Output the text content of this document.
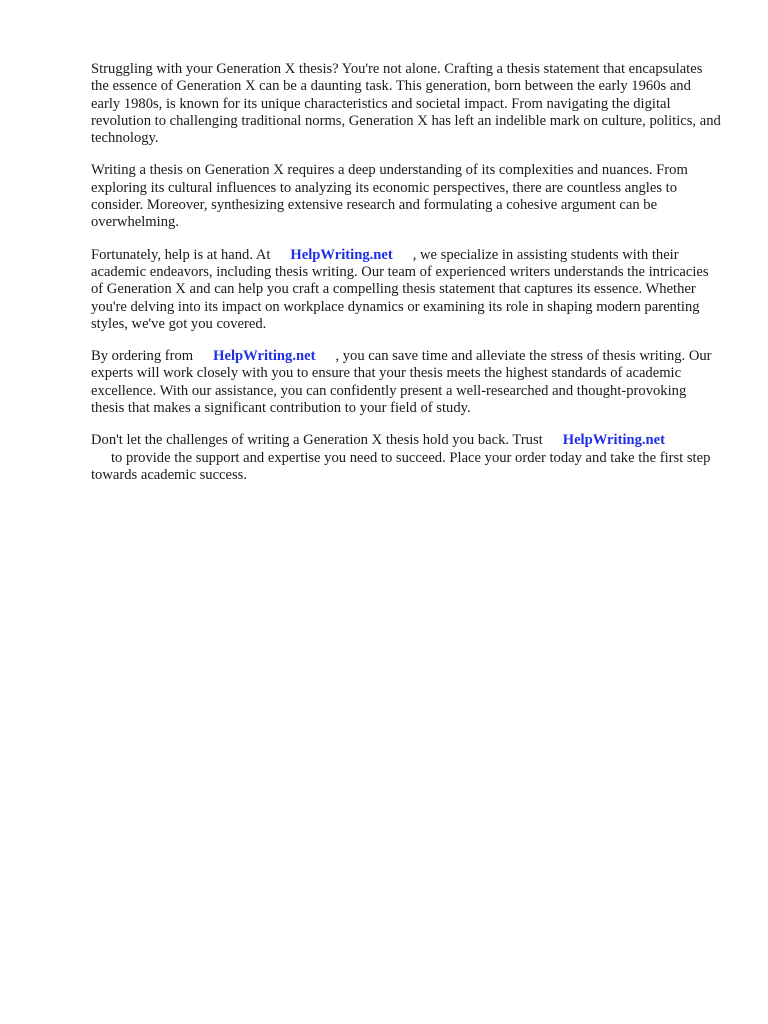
Struggling with your Generation X thesis? You're not alone. Crafting a thesis statement that encapsulates the essence of Generation X can be a daunting task. This generation, born between the early 1960s and early 1980s, is known for its unique characteristics and societal impact. From navigating the digital revolution to challenging traditional norms, Generation X has left an indelible mark on culture, politics, and technology.

Writing a thesis on Generation X requires a deep understanding of its complexities and nuances. From exploring its cultural influences to analyzing its economic perspectives, there are countless angles to consider. Moreover, synthesizing extensive research and formulating a cohesive argument can be overwhelming.

Fortunately, help is at hand. At HelpWriting.net , we specialize in assisting students with their academic endeavors, including thesis writing. Our team of experienced writers understands the intricacies of Generation X and can help you craft a compelling thesis statement that captures its essence. Whether you're delving into its impact on workplace dynamics or examining its role in shaping modern parenting styles, we've got you covered.

By ordering from HelpWriting.net , you can save time and alleviate the stress of thesis writing. Our experts will work closely with you to ensure that your thesis meets the highest standards of academic excellence. With our assistance, you can confidently present a well-researched and thought-provoking thesis that makes a significant contribution to your field of study.

Don't let the challenges of writing a Generation X thesis hold you back. Trust HelpWriting.net
to provide the support and expertise you need to succeed. Place your order today and take the first step towards academic success.
